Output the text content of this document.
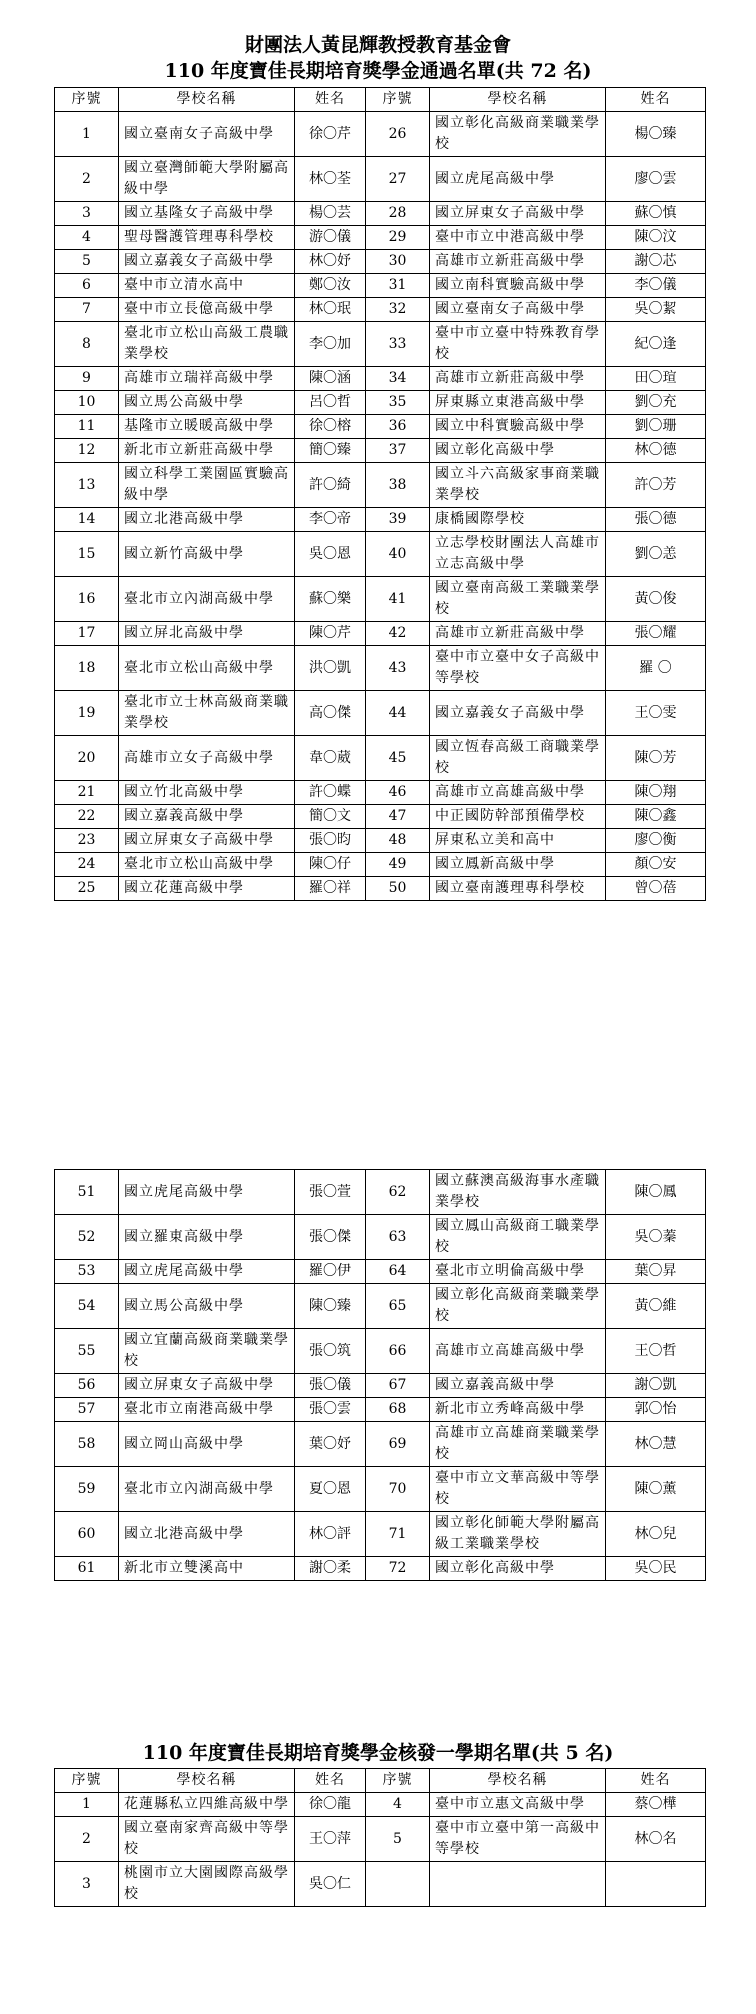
財團法人黃昆輝教授教育基金會
110 年度寶佳長期培育獎學金通過名單(共 72 名)
序號	學校名稱	姓名	序號	學校名稱	姓名
1	國立臺南女子高級中學	徐〇芹	26	國立彰化高級商業職業學校	楊〇臻
2	國立臺灣師範大學附屬高級中學	林〇荃	27	國立虎尾高級中學	廖〇雲
3	國立基隆女子高級中學	楊〇芸	28	國立屏東女子高級中學	蘇〇慎
4	聖母醫護管理專科學校	游〇儀	29	臺中市立中港高級中學	陳〇汶
5	國立嘉義女子高級中學	林〇妤	30	高雄市立新莊高級中學	謝〇芯
6	臺中市立清水高中	鄭〇汝	31	國立南科實驗高級中學	李〇儀
7	臺中市立長億高級中學	林〇珉	32	國立臺南女子高級中學	吳〇絜
8	臺北市立松山高級工農職業學校	李〇加	33	臺中市立臺中特殊教育學校	紀〇逢
9	高雄市立瑞祥高級中學	陳〇涵	34	高雄市立新莊高級中學	田〇瑄
10	國立馬公高級中學	呂〇哲	35	屏東縣立東港高級中學	劉〇充
11	基隆市立暖暖高級中學	徐〇榕	36	國立中科實驗高級中學	劉〇珊
12	新北市立新莊高級中學	簡〇臻	37	國立彰化高級中學	林〇德
13	國立科學工業園區實驗高級中學	許〇綺	38	國立斗六高級家事商業職業學校	許〇芳
14	國立北港高級中學	李〇帝	39	康橋國際學校	張〇德
15	國立新竹高級中學	吳〇恩	40	立志學校財團法人高雄市立志高級中學	劉〇恙
16	臺北市立內湖高級中學	蘇〇樂	41	國立臺南高級工業職業學校	黃〇俊
17	國立屏北高級中學	陳〇芹	42	高雄市立新莊高級中學	張〇耀
18	臺北市立松山高級中學	洪〇凱	43	臺中市立臺中女子高級中等學校	羅 〇
19	臺北市立士林高級商業職業學校	高〇傑	44	國立嘉義女子高級中學	王〇雯
20	高雄市立女子高級中學	韋〇葳	45	國立恆春高級工商職業學校	陳〇芳
21	國立竹北高級中學	許〇蝶	46	高雄市立高雄高級中學	陳〇翔
22	國立嘉義高級中學	簡〇文	47	中正國防幹部預備學校	陳〇鑫
23	國立屏東女子高級中學	張〇昀	48	屏東私立美和高中	廖〇衡
24	臺北市立松山高級中學	陳〇仔	49	國立鳳新高級中學	顏〇安
25	國立花蓮高級中學	羅〇祥	50	國立臺南護理專科學校	曾〇蓓
51	國立虎尾高級中學	張〇萱	62	國立蘇澳高級海事水產職業學校	陳〇鳳
52	國立羅東高級中學	張〇傑	63	國立鳳山高級商工職業學校	吳〇蓁
53	國立虎尾高級中學	羅〇伊	64	臺北市立明倫高級中學	葉〇昇
54	國立馬公高級中學	陳〇臻	65	國立彰化高級商業職業學校	黃〇維
55	國立宜蘭高級商業職業學校	張〇筑	66	高雄市立高雄高級中學	王〇哲
56	國立屏東女子高級中學	張〇儀	67	國立嘉義高級中學	謝〇凱
57	臺北市立南港高級中學	張〇雲	68	新北市立秀峰高級中學	郭〇怡
58	國立岡山高級中學	葉〇妤	69	高雄市立高雄商業職業學校	林〇慧
59	臺北市立內湖高級中學	夏〇恩	70	臺中市立文華高級中等學校	陳〇薰
60	國立北港高級中學	林〇評	71	國立彰化師範大學附屬高級工業職業學校	林〇兒
61	新北市立雙溪高中	謝〇柔	72	國立彰化高級中學	吳〇民
110 年度寶佳長期培育獎學金核發一學期名單(共 5 名)
序號	學校名稱	姓名	序號	學校名稱	姓名
1	花蓮縣私立四維高級中學	徐〇龍	4	臺中市立惠文高級中學	蔡〇樺
2	國立臺南家齊高級中等學校	王〇萍	5	臺中市立臺中第一高級中等學校	林〇名
3	桃園市立大園國際高級學校	吳〇仁			
